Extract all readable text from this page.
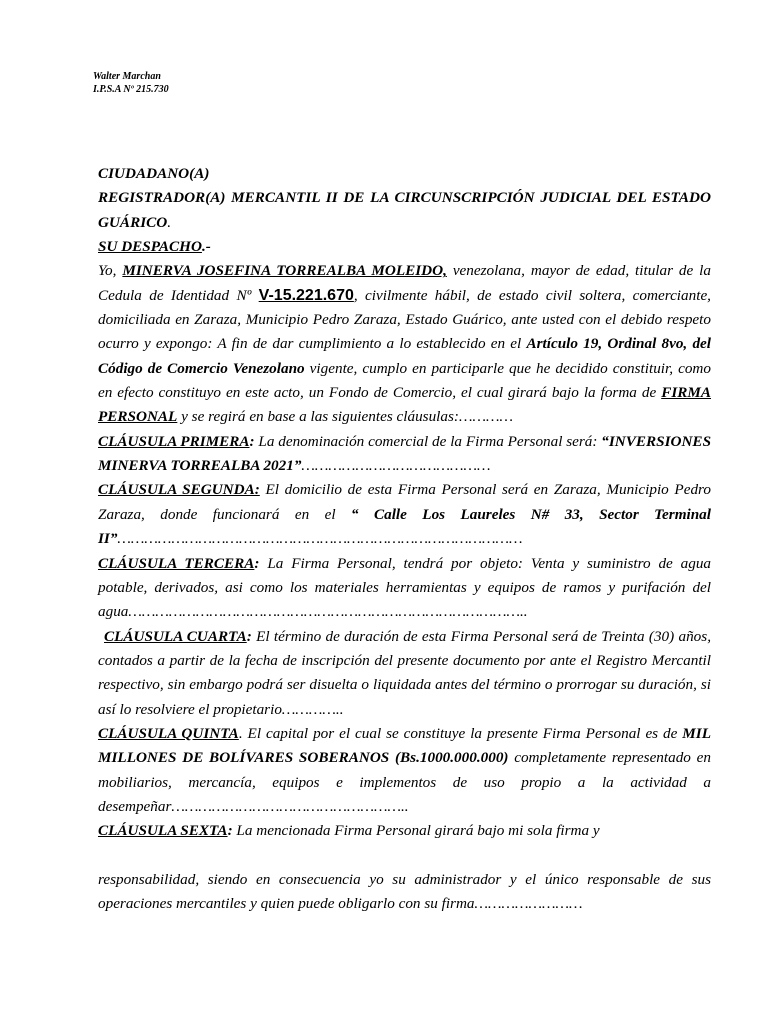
Walter Marchan
I.P.S.A Nº 215.730

CIUDADANO(A)

REGISTRADOR(A) MERCANTIL II DE LA CIRCUNSCRIPCIÓN JUDICIAL DEL ESTADO GUÁRICO.

SU DESPACHO.-

Yo, MINERVA JOSEFINA TORREALBA MOLEIDO, venezolana, mayor de edad, titular de la Cedula de Identidad Nº V-15.221.670, civilmente hábil, de estado civil soltera, comerciante, domiciliada en Zaraza, Municipio Pedro Zaraza, Estado Guárico, ante usted con el debido respeto ocurro y expongo: A fin de dar cumplimiento a lo establecido en el Artículo 19, Ordinal 8vo, del Código de Comercio Venezolano vigente, cumplo en participarle que he decidido constituir, como en efecto constituyo en este acto, un Fondo de Comercio, el cual girará bajo la forma de FIRMA PERSONAL y se regirá en base a las siguientes cláusulas:…………

CLÁUSULA PRIMERA: La denominación comercial de la Firma Personal será: “INVERSIONES MINERVA TORREALBA 2021”……………………………………

CLÁUSULA SEGUNDA: El domicilio de esta Firma Personal será en Zaraza, Municipio Pedro Zaraza, donde funcionará en el “ Calle Los Laureles N# 33, Sector Terminal II”………………………………………………………………………………

CLÁUSULA TERCERA: La Firma Personal, tendrá por objeto: Venta y suministro de agua potable, derivados, asi como los materiales herramientas y equipos de ramos y purifación del agua……………………………………………………………………………..

CLÁUSULA CUARTA: El término de duración de esta Firma Personal será de Treinta (30) años, contados a partir de la fecha de inscripción del presente documento por ante el Registro Mercantil respectivo, sin embargo podrá ser disuelta o liquidada antes del término o prorrogar su duración, si así lo resolviere el propietario…………..

CLÁUSULA QUINTA. El capital por el cual se constituye la presente Firma Personal es de MIL MILLONES DE BOLÍVARES SOBERANOS (Bs.1000.000.000) completamente representado en mobiliarios, mercancía, equipos e implementos de uso propio a la actividad a desempeñar……………………………………………..

CLÁUSULA SEXTA: La mencionada Firma Personal girará bajo mi sola firma y

responsabilidad, siendo en consecuencia yo su administrador y el único responsable de sus operaciones mercantiles y quien puede obligarlo con su firma……………………
